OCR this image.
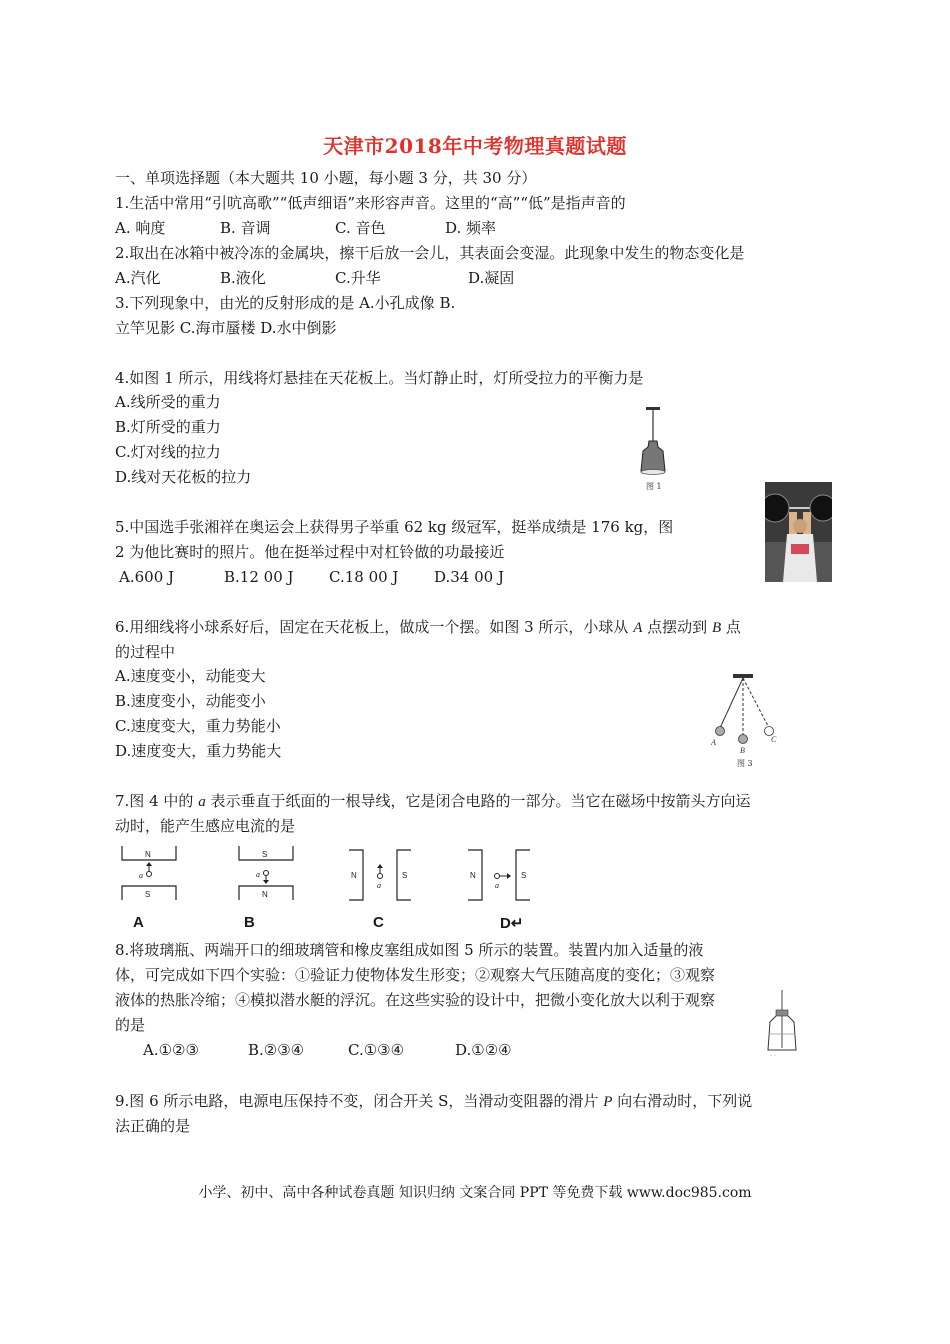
天津市2018年中考物理真题试题
一、单项选择题（本大题共 10 小题，每小题 3 分，共 30 分）
1.生活中常用“引吭高歌”“低声细语”来形容声音。这里的“高”“低”是指声音的
A. 响度	B. 音调	C. 音色	D. 频率
2.取出在冰箱中被冷冻的金属块，擦干后放一会儿，其表面会变湿。此现象中发生的物态变化是
A.汽化	B.液化	C.升华	D.凝固
3.下列现象中，由光的反射形成的是 A.小孔成像 B.
立竿见影 C.海市蜃楼 D.水中倒影
4.如图 1 所示，用线将灯悬挂在天花板上。当灯静止时，灯所受拉力的平衡力是
A.线所受的重力
B.灯所受的重力
C.灯对线的拉力
D.线对天花板的拉力
图 1
5.中国选手张湘祥在奥运会上获得男子举重 62 kg 级冠军，挺举成绩是 176 kg，图
2 为他比赛时的照片。他在挺举过程中对杠铃做的功最接近
A.600 J	B.12 00 J C.18 00 J D.34 00 J
6.用细线将小球系好后，固定在天花板上，做成一个摆。如图 3 所示，小球从 A 点摆动到 B 点
的过程中
A.速度变小，动能变大
B.速度变小，动能变小
C.速度变大，重力势能小
D.速度变大，重力势能大	A
B
C
图 3
7.图 4 中的 a 表示垂直于纸面的一根导线，它是闭合电路的一部分。当它在磁场中按箭头方向运
动时，能产生感应电流的是
N
S
a
A
S
N
a
B
N	S
a
C
N	S
a
D↵
8.将玻璃瓶、两端开口的细玻璃管和橡皮塞组成如图 5 所示的装置。装置内加入适量的液
体，可完成如下四个实验：①验证力使物体发生形变；②观察大气压随高度的变化；③观察
液体的热胀冷缩；④模拟潜水艇的浮沉。在这些实验的设计中，把微小变化放大以利于观察
的是
A.①②③	B.②③④	C.①③④	D.①②④	- -
9.图 6 所示电路，电源电压保持不变，闭合开关 S，当滑动变阻器的滑片 P 向右滑动时，下列说
法正确的是
小学、初中、高中各种试卷真题 知识归纳 文案合同 PPT 等免费下载 www.doc985.com
